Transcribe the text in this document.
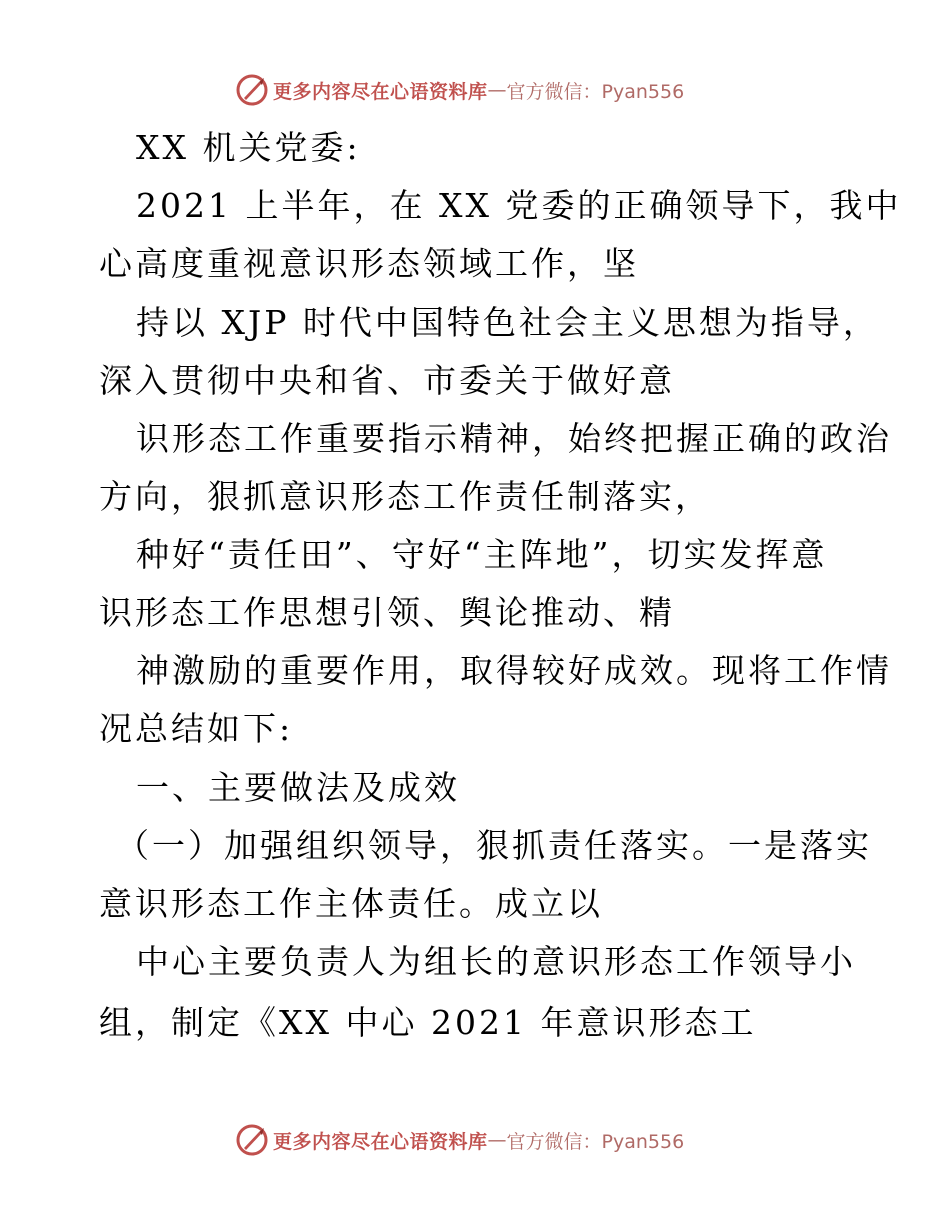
更多内容尽在心语资料库 — 官方微信：Pyan556
XX 机关党委:
2021 上半年，在 XX 党委的正确领导下，我中
心高度重视意识形态领域工作，坚
持以 XJP 时代中国特色社会主义思想为指导，
深入贯彻中央和省、市委关于做好意
识形态工作重要指示精神，始终把握正确的政治
方向，狠抓意识形态工作责任制落实，
种好“责任田”、守好“主阵地”，切实发挥意
识形态工作思想引领、舆论推动、精
神激励的重要作用，取得较好成效。现将工作情
况总结如下:
一、主要做法及成效
（一）加强组织领导，狠抓责任落实。一是落实
意识形态工作主体责任。成立以
中心主要负责人为组长的意识形态工作领导小
组，制定《XX 中心 2021 年意识形态工
更多内容尽在心语资料库 — 官方微信：Pyan556
